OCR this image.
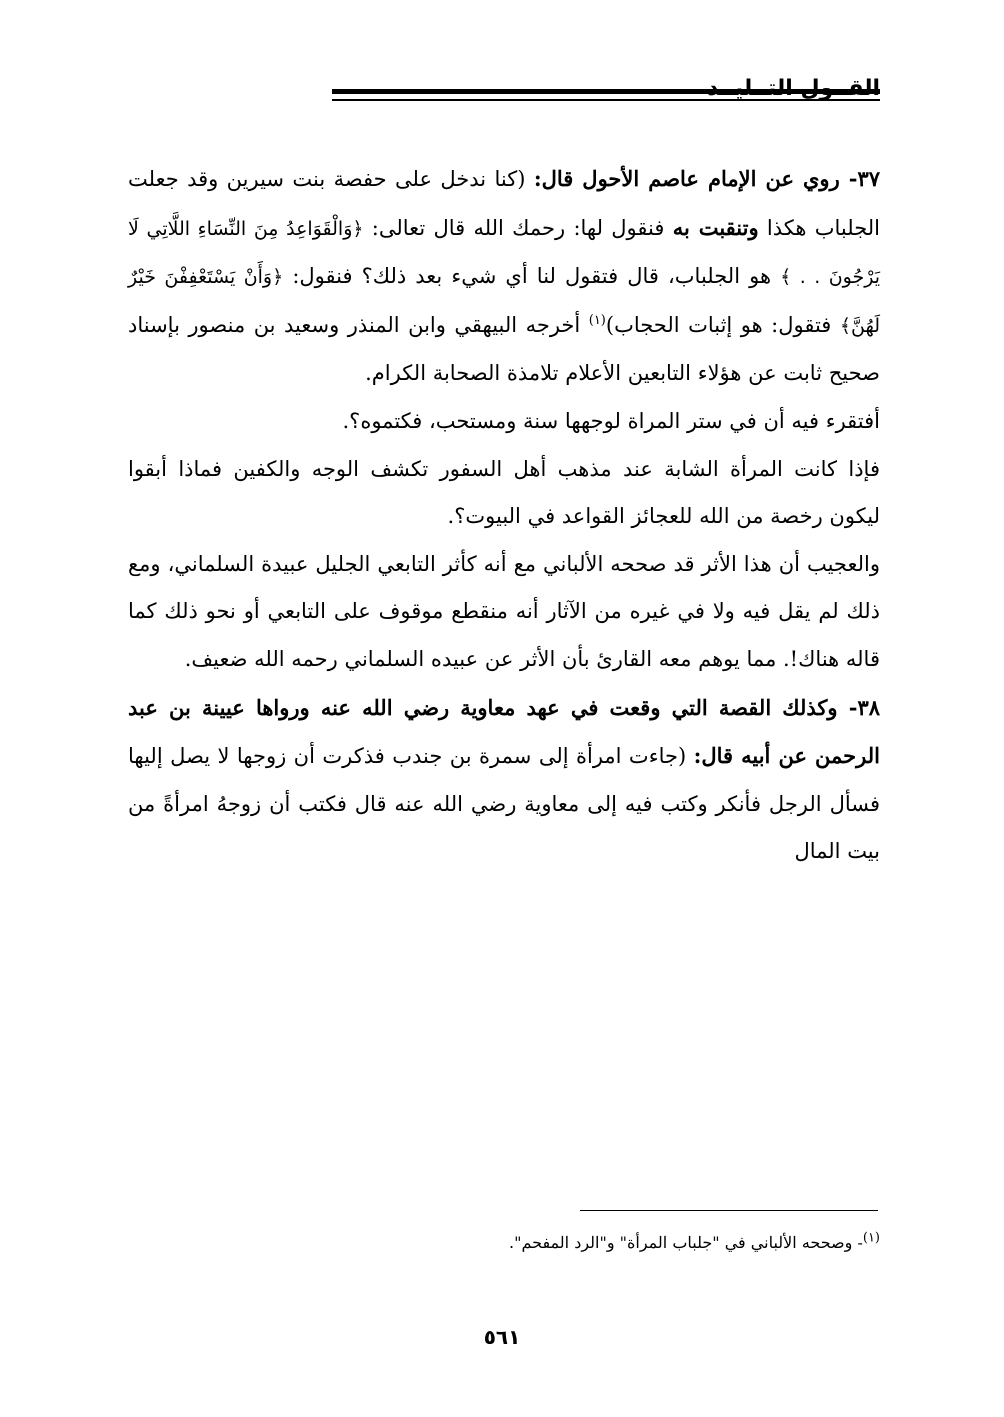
القــول التــليــد

٣٧- روي عن الإمام عاصم الأحول قال: (كنا ندخل على حفصة بنت سيرين وقد جعلت الجلباب هكذا وتنقبت به فنقول لها: رحمك الله قال تعالى: ﴿وَالْقَوَاعِدُ مِنَ النِّسَاءِ اللَّاتِي لَا يَرْجُونَ . . ﴾ هو الجلباب، قال فتقول لنا أي شيء بعد ذلك؟ فنقول: ﴿وَأَنْ يَسْتَعْفِفْنَ خَيْرٌ لَهُنَّ﴾ فتقول: هو إثبات الحجاب)$^{(١)}$ أخرجه البيهقي وابن المنذر وسعيد بن منصور بإسناد صحيح ثابت عن هؤلاء التابعين الأعلام تلامذة الصحابة الكرام.

أفتقرء فيه أن في ستر المراة لوجهها سنة ومستحب، فكتموه؟.

فإذا كانت المرأة الشابة عند مذهب أهل السفور تكشف الوجه والكفين فماذا أبقوا ليكون رخصة من الله للعجائز القواعد في البيوت؟.

والعجيب أن هذا الأثر قد صححه الألباني مع أنه كأثر التابعي الجليل عبيدة السلماني، ومع ذلك لم يقل فيه ولا في غيره من الآثار أنه منقطع موقوف على التابعي أو نحو ذلك كما قاله هناك!. مما يوهم معه القارئ بأن الأثر عن عبيده السلماني رحمه الله ضعيف.

٣٨- وكذلك القصة التي وقعت في عهد معاوية رضي الله عنه ورواها عيينة بن عبد الرحمن عن أبيه قال: (جاءت امرأة إلى سمرة بن جندب فذكرت أن زوجها لا يصل إليها فسأل الرجل فأنكر وكتب فيه إلى معاوية رضي الله عنه قال فكتب أن زوجهُ امرأةً من بيت المال

$^{(١)}$- وصححه الألباني في "جلباب المرأة" و"الرد المفحم".
٥٦١
